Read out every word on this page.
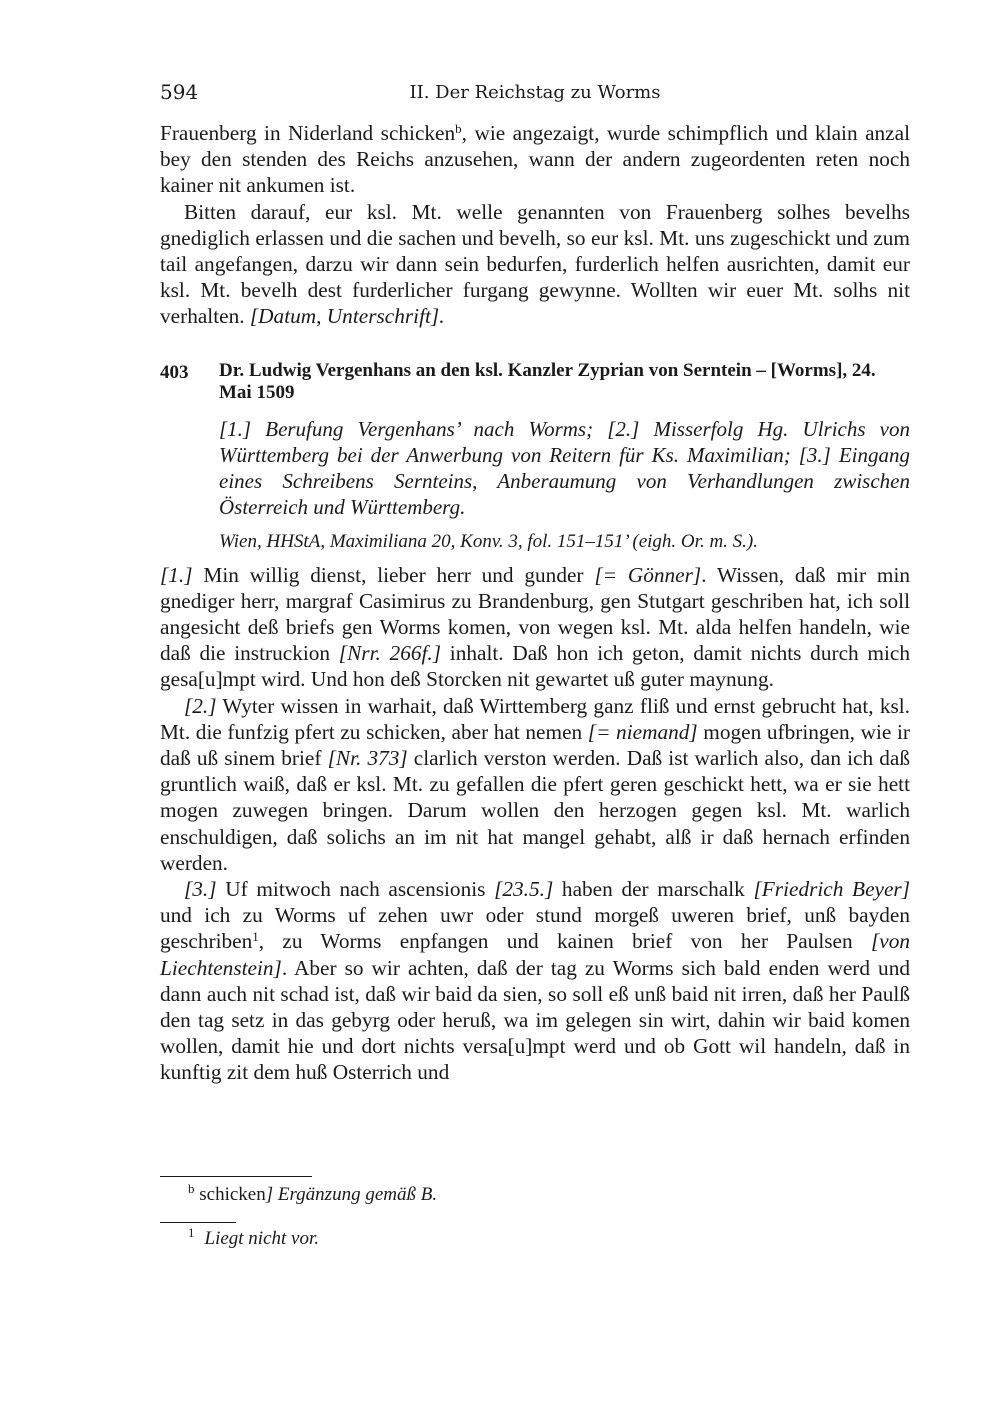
594	II. Der Reichstag zu Worms

Frauenberg in Niderland schicken$^b$, wie angezaigt, wurde schimpflich und klain anzal bey den stenden des Reichs anzusehen, wann der andern zugeordenten reten noch kainer nit ankumen ist.

Bitten darauf, eur ksl. Mt. welle genannten von Frauenberg solhes bevelhs gnediglich erlassen und die sachen und bevelh, so eur ksl. Mt. uns zugeschickt und zum tail angefangen, darzu wir dann sein bedurfen, furderlich helfen ausrichten, damit eur ksl. Mt. bevelh dest furderlicher furgang gewynne. Wollten wir euer Mt. solhs nit verhalten. [Datum, Unterschrift].

403 Dr. Ludwig Vergenhans an den ksl. Kanzler Zyprian von Serntein – [Worms], 24. Mai 1509
[1.] Berufung Vergenhans’ nach Worms; [2.] Misserfolg Hg. Ulrichs von Württemberg bei der Anwerbung von Reitern für Ks. Maximilian; [3.] Eingang eines Schreibens Sernteins, Anberaumung von Verhandlungen zwischen Österreich und Württemberg.
Wien, HHStA, Maximiliana 20, Konv. 3, fol. 151–151’ (eigh. Or. m. S.).

[1.] Min willig dienst, lieber herr und gunder [= Gönner]. Wissen, daß mir min gnediger herr, margraf Casimirus zu Brandenburg, gen Stutgart geschriben hat, ich soll angesicht deß briefs gen Worms komen, von wegen ksl. Mt. alda helfen handeln, wie daß die instruckion [Nrr. 266f.] inhalt. Daß hon ich geton, damit nichts durch mich gesa[u]mpt wird. Und hon deß Storcken nit gewartet uß guter maynung.

[2.] Wyter wissen in warhait, daß Wirttemberg ganz fliß und ernst gebrucht hat, ksl. Mt. die funfzig pfert zu schicken, aber hat nemen [= niemand] mogen ufbringen, wie ir daß uß sinem brief [Nr. 373] clarlich verston werden. Daß ist warlich also, dan ich daß gruntlich waiß, daß er ksl. Mt. zu gefallen die pfert geren geschickt hett, wa er sie hett mogen zuwegen bringen. Darum wollen den herzogen gegen ksl. Mt. warlich enschuldigen, daß solichs an im nit hat mangel gehabt, alß ir daß hernach erfinden werden.

[3.] Uf mitwoch nach ascensionis [23.5.] haben der marschalk [Friedrich Beyer] und ich zu Worms uf zehen uwr oder stund morgeß uweren brief, unß bayden geschriben$^1$, zu Worms enpfangen und kainen brief von her Paulsen [von Liechtenstein]. Aber so wir achten, daß der tag zu Worms sich bald enden werd und dann auch nit schad ist, daß wir baid da sien, so soll eß unß baid nit irren, daß her Paulß den tag setz in das gebyrg oder heruß, wa im gelegen sin wirt, dahin wir baid komen wollen, damit hie und dort nichts versa[u]mpt werd und ob Gott wil handeln, daß in kunftig zit dem huß Osterrich und

$^b$ schicken] Ergänzung gemäß B.
$^1$ Liegt nicht vor.
